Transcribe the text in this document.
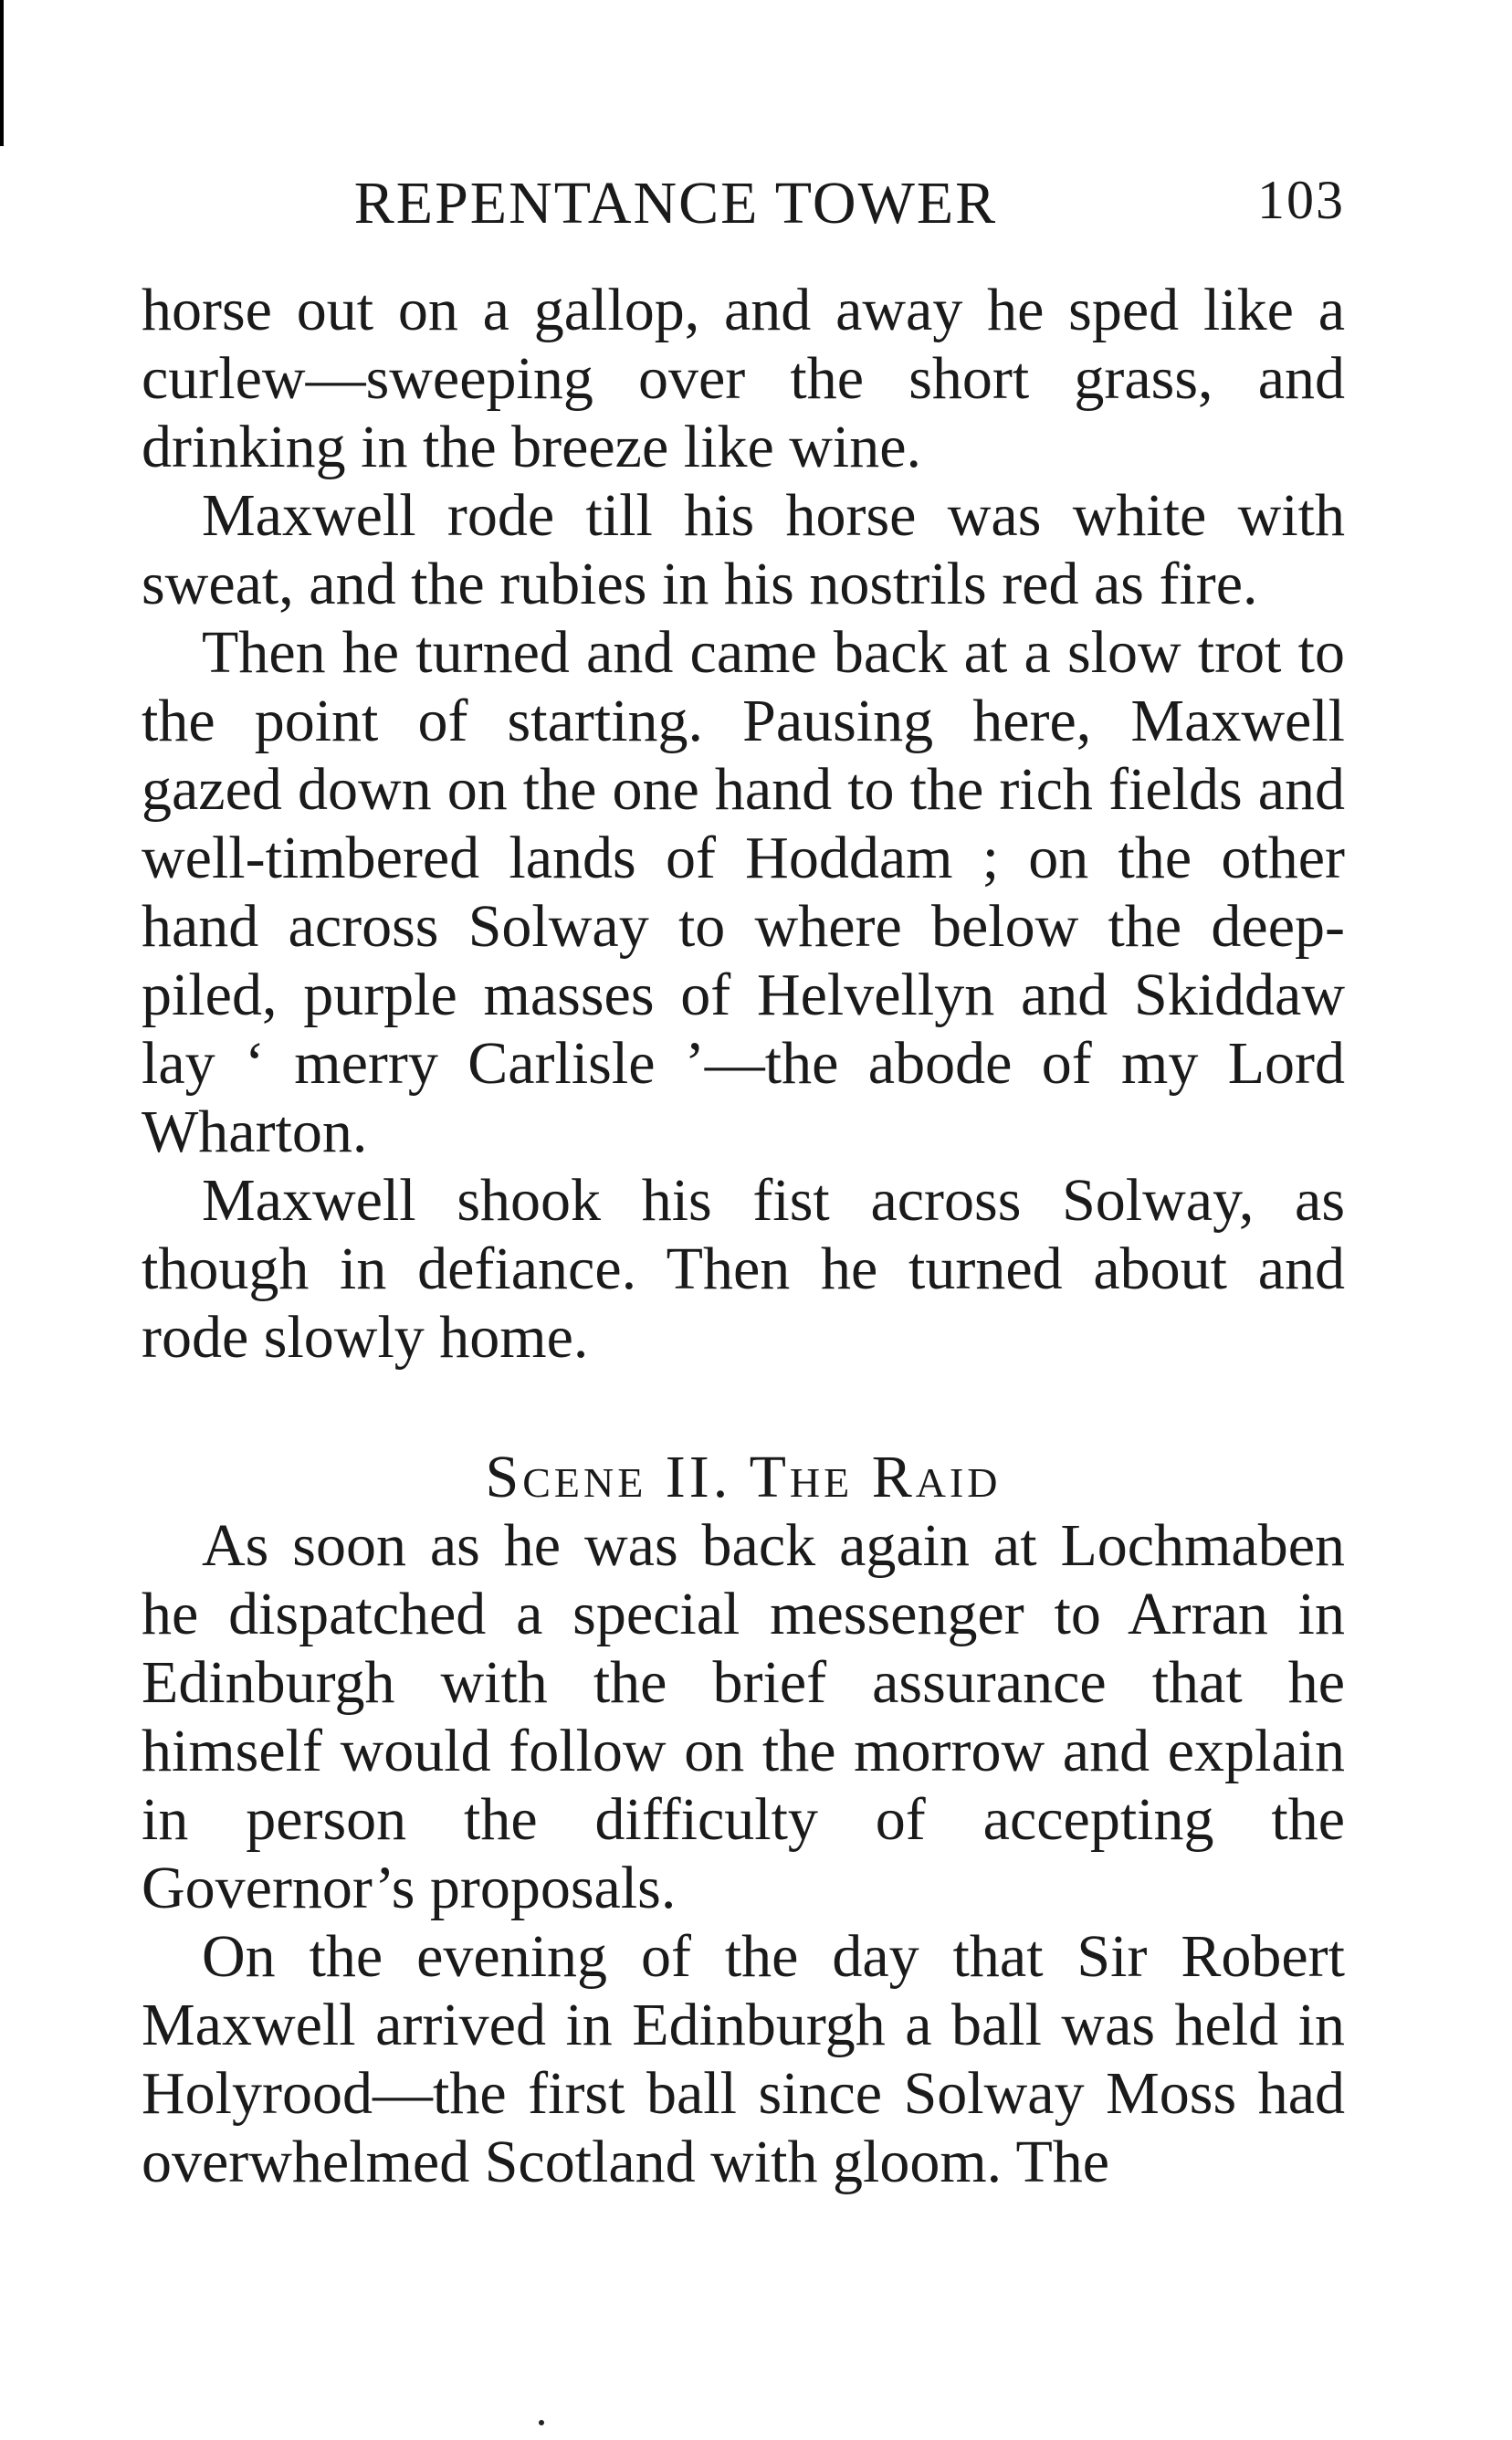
REPENTANCE TOWER	103

horse out on a gallop, and away he sped like a curlew—sweeping over the short grass, and drinking in the breeze like wine.

Maxwell rode till his horse was white with sweat, and the rubies in his nostrils red as fire.

Then he turned and came back at a slow trot to the point of starting. Pausing here, Maxwell gazed down on the one hand to the rich fields and well-timbered lands of Hoddam ; on the other hand across Solway to where below the deep-piled, purple masses of Helvellyn and Skiddaw lay ‘ merry Carlisle ’—the abode of my Lord Wharton.

Maxwell shook his fist across Solway, as though in defiance. Then he turned about and rode slowly home.

Scene II. The Raid

As soon as he was back again at Lochmaben he dispatched a special messenger to Arran in Edinburgh with the brief assurance that he himself would follow on the morrow and explain in person the difficulty of accepting the Governor’s proposals.

On the evening of the day that Sir Robert Maxwell arrived in Edinburgh a ball was held in Holyrood—the first ball since Solway Moss had overwhelmed Scotland with gloom. The
